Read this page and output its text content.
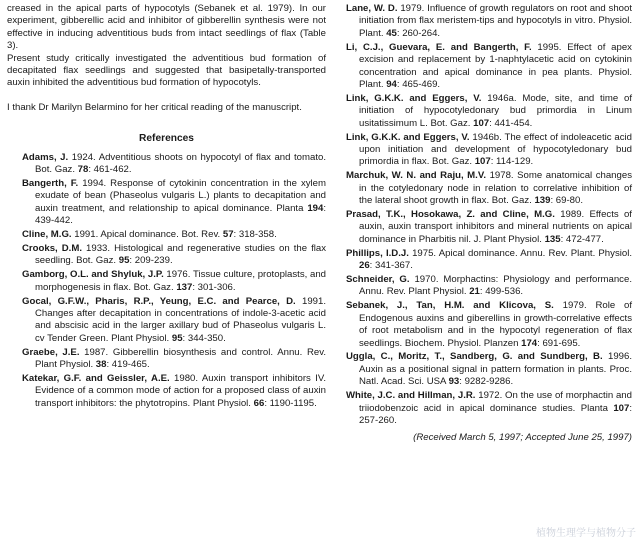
creased in the apical parts of hypocotyls (Sebanek et al. 1979). In our experiment, gibberellic acid and inhibitor of gibberellin synthesis were not effective in inducing adventitious buds from intact seedlings of flax (Table 3).

Present study critically investigated the adventitious bud formation of decapitated flax seedlings and suggested that basipetally-transported auxin inhibited the adventitious bud formation of hypocotyls.

I thank Dr Marilyn Belarmino for her critical reading of the manuscript.

References

Adams, J. 1924. Adventitious shoots on hypocotyl of flax and tomato. Bot. Gaz. 78: 461-462.

Bangerth, F. 1994. Response of cytokinin concentration in the xylem exudate of bean (Phaseolus vulgaris L.) plants to decapitation and auxin treatment, and relationship to apical dominance. Planta 194: 439-442.

Cline, M.G. 1991. Apical dominance. Bot. Rev. 57: 318-358.

Crooks, D.M. 1933. Histological and regenerative studies on the flax seedling. Bot. Gaz. 95: 209-239.

Gamborg, O.L. and Shyluk, J.P. 1976. Tissue culture, protoplasts, and morphogenesis in flax. Bot. Gaz. 137: 301-306.

Gocal, G.F.W., Pharis, R.P., Yeung, E.C. and Pearce, D. 1991. Changes after decapitation in concentrations of indole-3-acetic acid and abscisic acid in the larger axillary bud of Phaseolus vulgaris L. cv Tender Green. Plant Physiol. 95: 344-350.

Graebe, J.E. 1987. Gibberellin biosynthesis and control. Annu. Rev. Plant Physiol. 38: 419-465.

Katekar, G.F. and Geissler, A.E. 1980. Auxin transport inhibitors IV. Evidence of a common mode of action for a proposed class of auxin transport inhibitors: the phytotropins. Plant Physiol. 66: 1190-1195.

Lane, W. D. 1979. Influence of growth regulators on root and shoot initiation from flax meristem-tips and hypocotyls in vitro. Physiol. Plant. 45: 260-264.

Li, C.J., Guevara, E. and Bangerth, F. 1995. Effect of apex excision and replacement by 1-naphtylacetic acid on cytokinin concentration and apical dominance in pea plants. Physiol. Plant. 94: 465-469.

Link, G.K.K. and Eggers, V. 1946a. Mode, site, and time of initiation of hypocotyledonary bud primordia in Linum usitatissimum L. Bot. Gaz. 107: 441-454.

Link, G.K.K. and Eggers, V. 1946b. The effect of indoleacetic acid upon initiation and development of hypocotyledonary bud primordia in flax. Bot. Gaz. 107: 114-129.

Marchuk, W. N. and Raju, M.V. 1978. Some anatomical changes in the cotyledonary node in relation to correlative inhibition of the lateral shoot growth in flax. Bot. Gaz. 139: 69-80.

Prasad, T.K., Hosokawa, Z. and Cline, M.G. 1989. Effects of auxin, auxin transport inhibitors and mineral nutrients on apical dominance in Pharbitis nil. J. Plant Physiol. 135: 472-477.

Phillips, I.D.J. 1975. Apical dominance. Annu. Rev. Plant. Physiol. 26: 341-367.

Schneider, G. 1970. Morphactins: Physiology and performance. Annu. Rev. Plant Physiol. 21: 499-536.

Sebanek, J., Tan, H.M. and Klicova, S. 1979. Role of Endogenous auxins and giberellins in growth-correlative effects of root metabolism and in the hypocotyl regeneration of flax seedlings. Biochem. Physiol. Planzen 174: 691-695.

Uggla, C., Moritz, T., Sandberg, G. and Sundberg, B. 1996. Auxin as a positional signal in pattern formation in plants. Proc. Natl. Acad. Sci. USA 93: 9282-9286.

White, J.C. and Hillman, J.R. 1972. On the use of morphactin and triiodobenzoic acid in apical dominance studies. Planta 107: 257-260.

(Received March 5, 1997; Accepted June 25, 1997)
植物生理学与植物分子
